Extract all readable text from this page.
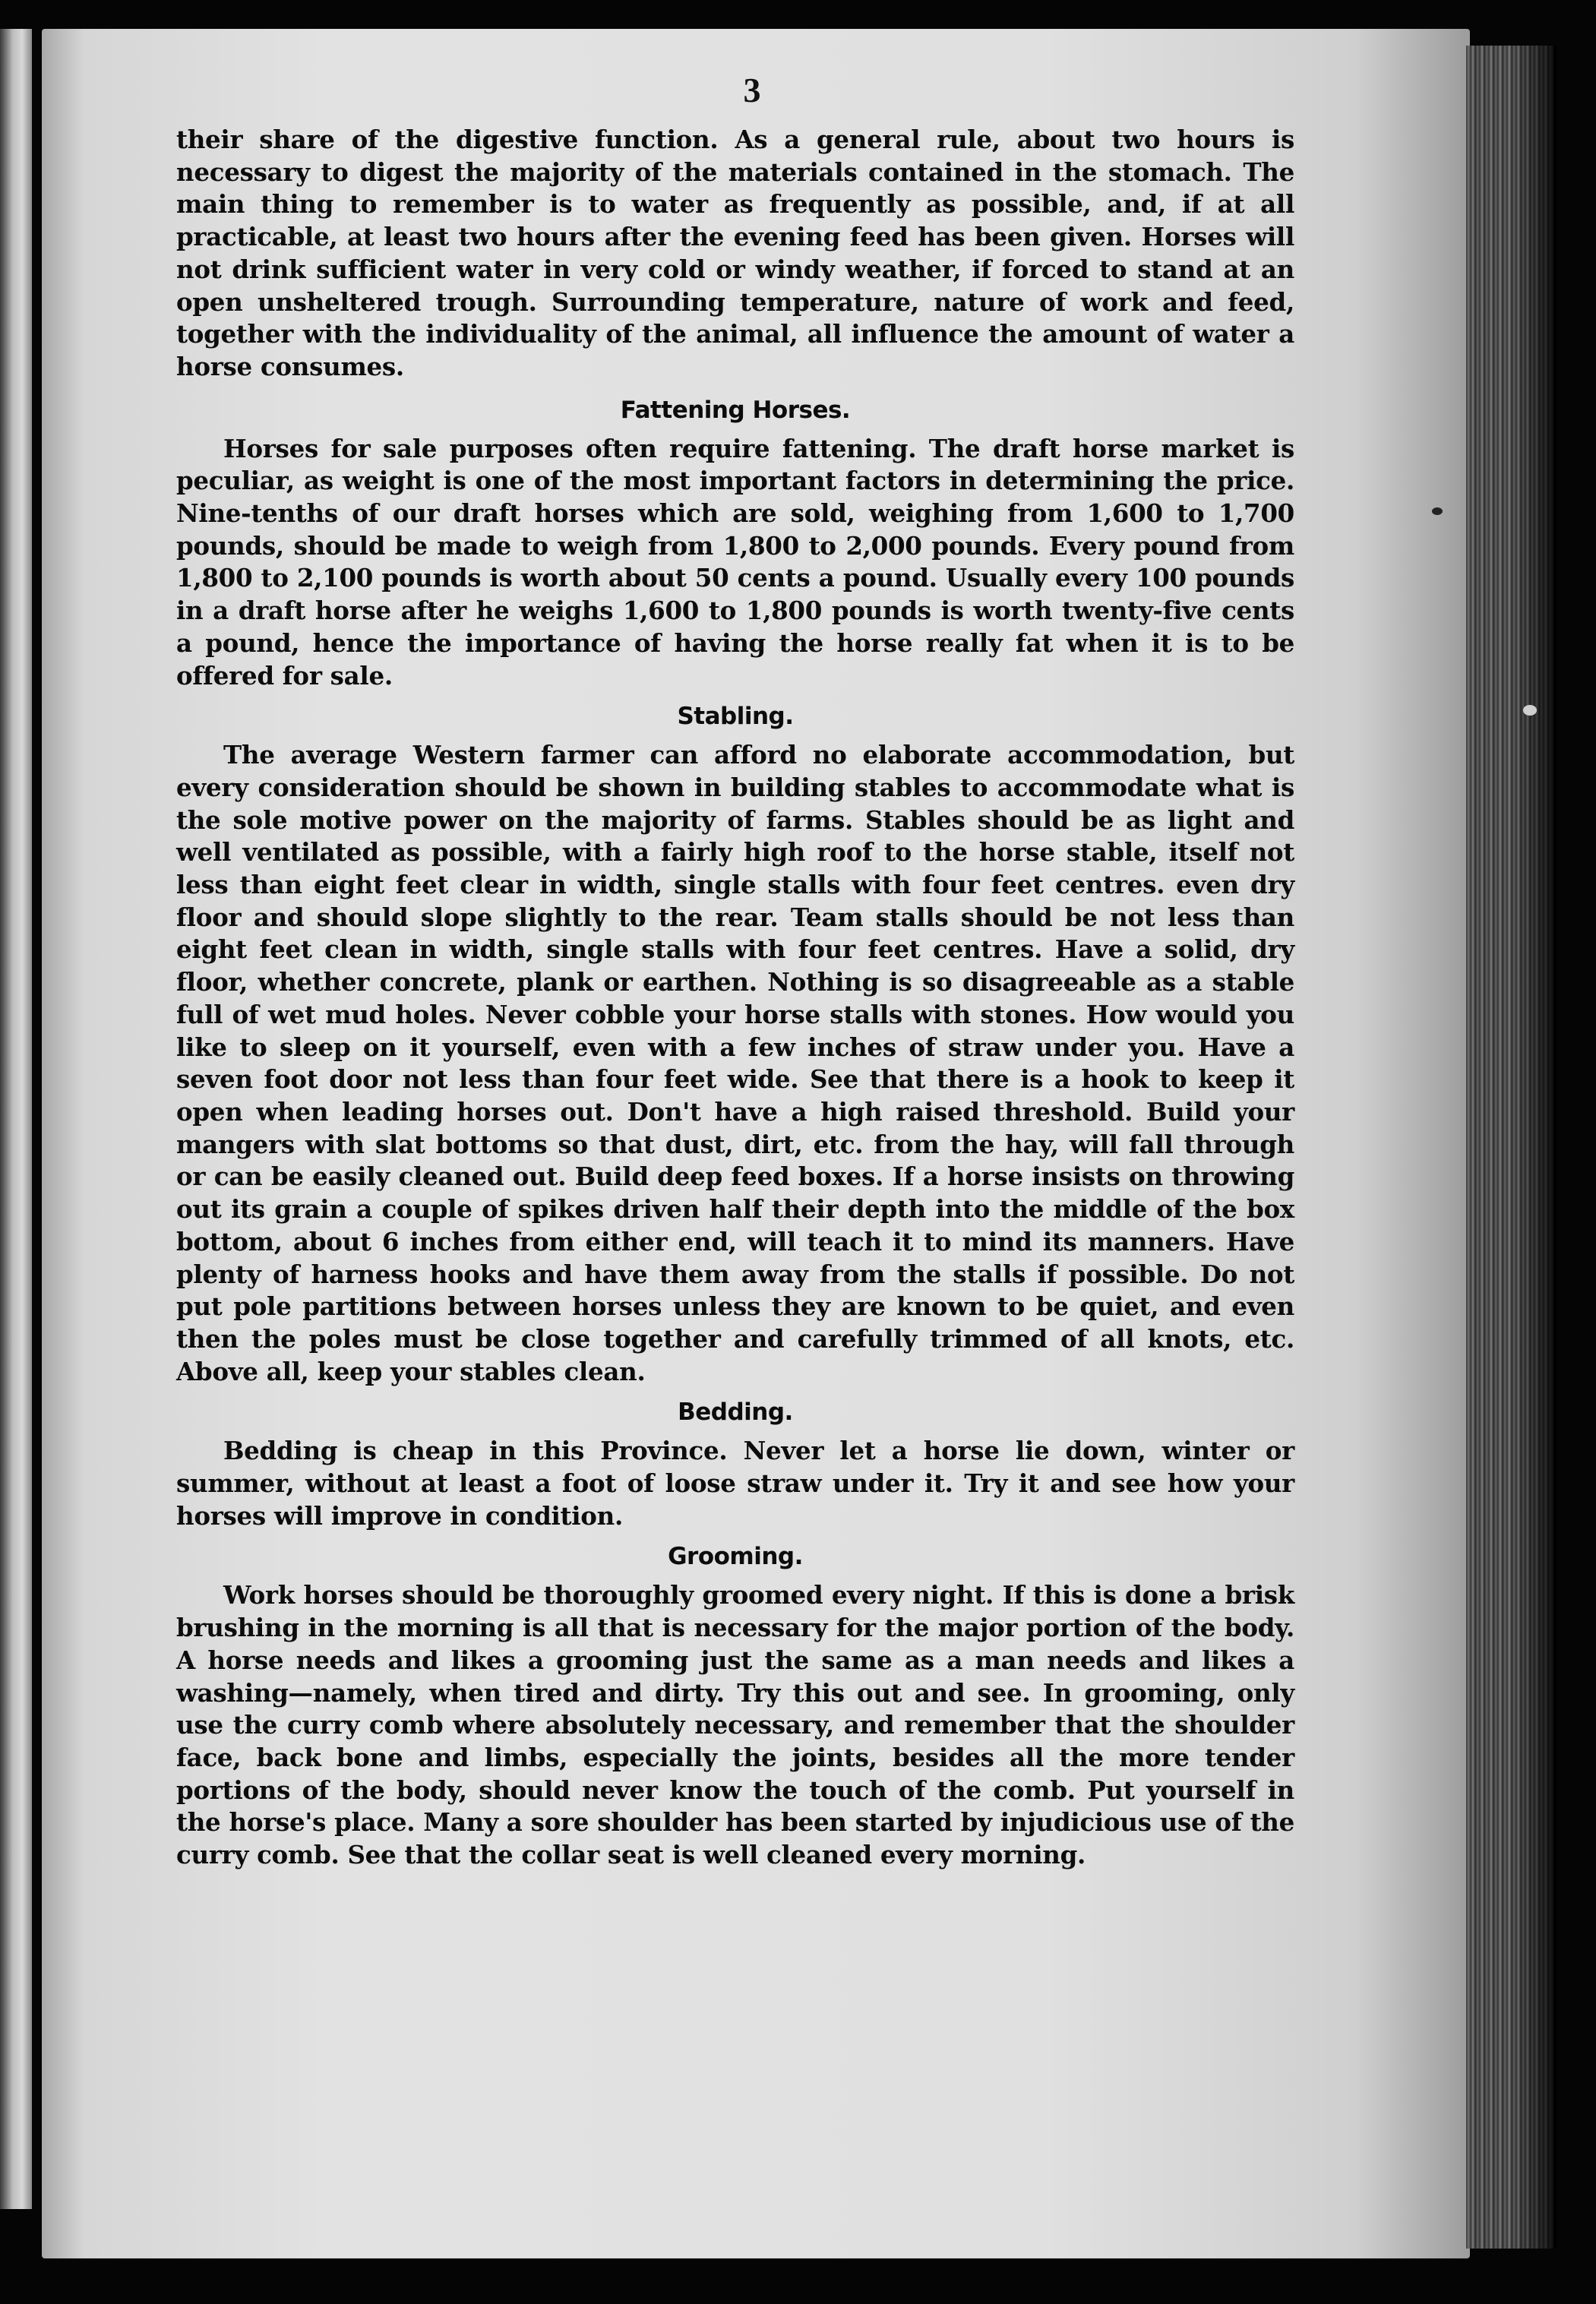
3

their share of the digestive function. As a general rule, about two hours is necessary to digest the majority of the materials contained in the stomach. The main thing to remember is to water as frequently as possible, and, if at all practicable, at least two hours after the evening feed has been given. Horses will not drink sufficient water in very cold or windy weather, if forced to stand at an open unsheltered trough. Surrounding temperature, nature of work and feed, together with the individuality of the animal, all influence the amount of water a horse consumes.

Fattening Horses.

Horses for sale purposes often require fattening. The draft horse market is peculiar, as weight is one of the most important factors in determining the price. Nine-tenths of our draft horses which are sold, weighing from 1,600 to 1,700 pounds, should be made to weigh from 1,800 to 2,000 pounds. Every pound from 1,800 to 2,100 pounds is worth about 50 cents a pound. Usually every 100 pounds in a draft horse after he weighs 1,600 to 1,800 pounds is worth twenty-five cents a pound, hence the importance of having the horse really fat when it is to be offered for sale.

Stabling.

The average Western farmer can afford no elaborate accommodation, but every consideration should be shown in building stables to accommodate what is the sole motive power on the majority of farms. Stables should be as light and well ventilated as possible, with a fairly high roof to the horse stable, itself not less than eight feet clear in width, single stalls with four feet centres. even dry floor and should slope slightly to the rear. Team stalls should be not less than eight feet clean in width, single stalls with four feet centres. Have a solid, dry floor, whether concrete, plank or earthen. Nothing is so disagreeable as a stable full of wet mud holes. Never cobble your horse stalls with stones. How would you like to sleep on it yourself, even with a few inches of straw under you. Have a seven foot door not less than four feet wide. See that there is a hook to keep it open when leading horses out. Don't have a high raised threshold. Build your mangers with slat bottoms so that dust, dirt, etc. from the hay, will fall through or can be easily cleaned out. Build deep feed boxes. If a horse insists on throwing out its grain a couple of spikes driven half their depth into the middle of the box bottom, about 6 inches from either end, will teach it to mind its manners. Have plenty of harness hooks and have them away from the stalls if possible. Do not put pole partitions between horses unless they are known to be quiet, and even then the poles must be close together and carefully trimmed of all knots, etc. Above all, keep your stables clean.

Bedding.

Bedding is cheap in this Province. Never let a horse lie down, winter or summer, without at least a foot of loose straw under it. Try it and see how your horses will improve in condition.

Grooming.

Work horses should be thoroughly groomed every night. If this is done a brisk brushing in the morning is all that is necessary for the major portion of the body. A horse needs and likes a grooming just the same as a man needs and likes a washing—namely, when tired and dirty. Try this out and see. In grooming, only use the curry comb where absolutely necessary, and remember that the shoulder face, back bone and limbs, especially the joints, besides all the more tender portions of the body, should never know the touch of the comb. Put yourself in the horse's place. Many a sore shoulder has been started by injudicious use of the curry comb. See that the collar seat is well cleaned every morning.
